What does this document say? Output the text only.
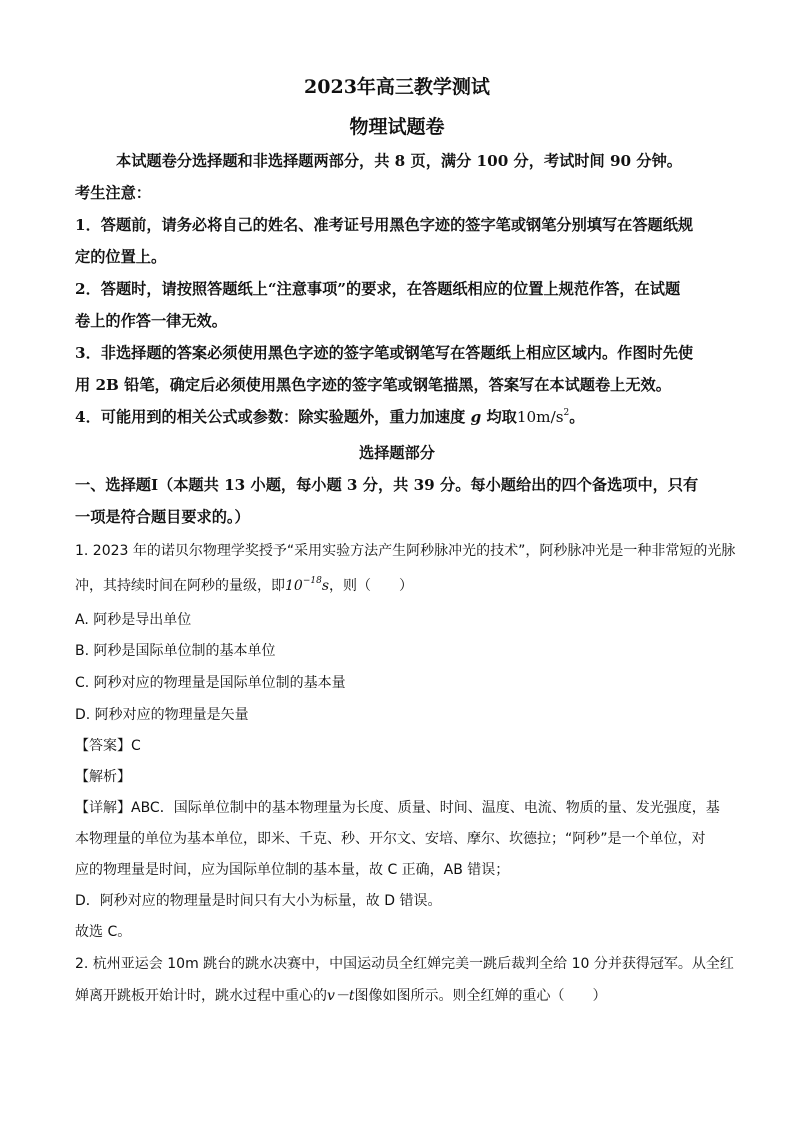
2023年高三教学测试
物理试题卷
本试题卷分选择题和非选择题两部分，共 8 页，满分 100 分，考试时间 90 分钟。
考生注意：
1．答题前，请务必将自己的姓名、准考证号用黑色字迹的签字笔或钢笔分别填写在答题纸规
定的位置上。
2．答题时，请按照答题纸上“注意事项”的要求，在答题纸相应的位置上规范作答，在试题
卷上的作答一律无效。
3．非选择题的答案必须使用黑色字迹的签字笔或钢笔写在答题纸上相应区域内。作图时先使
用 2B 铅笔，确定后必须使用黑色字迹的签字笔或钢笔描黑，答案写在本试题卷上无效。
4．可能用到的相关公式或参数：除实验题外，重力加速度 g 均取$10m/s^2$。
选择题部分
一、选择题Ⅰ（本题共 13 小题，每小题 3 分，共 39 分。每小题给出的四个备选项中，只有
一项是符合题目要求的。）
1. 2023 年的诺贝尔物理学奖授予“采用实验方法产生阿秒脉冲光的技术”，阿秒脉冲光是一种非常短的光脉
冲，其持续时间在阿秒的量级，即$10^{-18}s$，则（　　）
A. 阿秒是导出单位
B. 阿秒是国际单位制的基本单位
C. 阿秒对应的物理量是国际单位制的基本量
D. 阿秒对应的物理量是矢量
【答案】C
【解析】
【详解】ABC．国际单位制中的基本物理量为长度、质量、时间、温度、电流、物质的量、发光强度，基
本物理量的单位为基本单位，即米、千克、秒、开尔文、安培、摩尔、坎德拉；“阿秒”是一个单位，对
应的物理量是时间，应为国际单位制的基本量，故 C 正确，AB 错误；
D．阿秒对应的物理量是时间只有大小为标量，故 D 错误。
故选 C。
2. 杭州亚运会 10m 跳台的跳水决赛中，中国运动员全红婵完美一跳后裁判全给 10 分并获得冠军。从全红
婵离开跳板开始计时，跳水过程中重心的v－t图像如图所示。则全红婵的重心（　　）
